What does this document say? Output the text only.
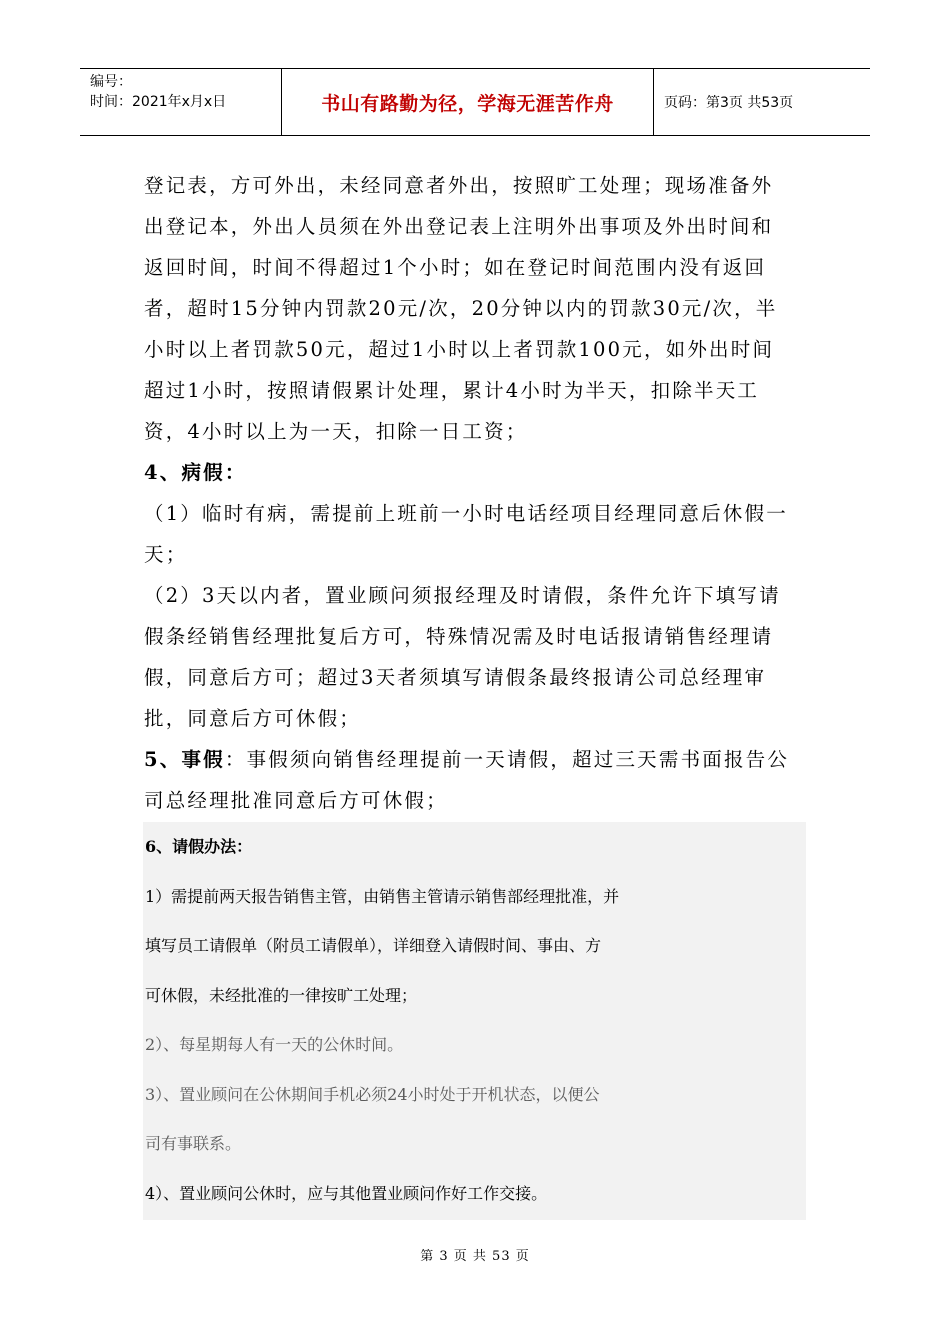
编号：
时间：2021年x月x日	书山有路勤为径，学海无涯苦作舟	页码：第3页 共53页
登记表，方可外出，未经同意者外出，按照旷工处理；现场准备外
出登记本，外出人员须在外出登记表上注明外出事项及外出时间和
返回时间，时间不得超过1个小时；如在登记时间范围内没有返回
者，超时15分钟内罚款20元/次，20分钟以内的罚款30元/次，半
小时以上者罚款50元，超过1小时以上者罚款100元，如外出时间
超过1小时，按照请假累计处理，累计4小时为半天，扣除半天工
资，4小时以上为一天，扣除一日工资；
4、病假：
（1）临时有病，需提前上班前一小时电话经项目经理同意后休假一
天；
（2）3天以内者，置业顾问须报经理及时请假，条件允许下填写请
假条经销售经理批复后方可，特殊情况需及时电话报请销售经理请
假，同意后方可；超过3天者须填写请假条最终报请公司总经理审
批，同意后方可休假；
5、事假：事假须向销售经理提前一天请假，超过三天需书面报告公
司总经理批准同意后方可休假；
6、请假办法：
1）需提前两天报告销售主管，由销售主管请示销售部经理批准，并
填写员工请假单（附员工请假单），详细登入请假时间、事由、方
可休假，未经批准的一律按旷工处理；
2）、每星期每人有一天的公休时间。
3）、置业顾问在公休期间手机必须24小时处于开机状态，以便公
司有事联系。
4）、置业顾问公休时，应与其他置业顾问作好工作交接。
第 3 页 共 53 页
